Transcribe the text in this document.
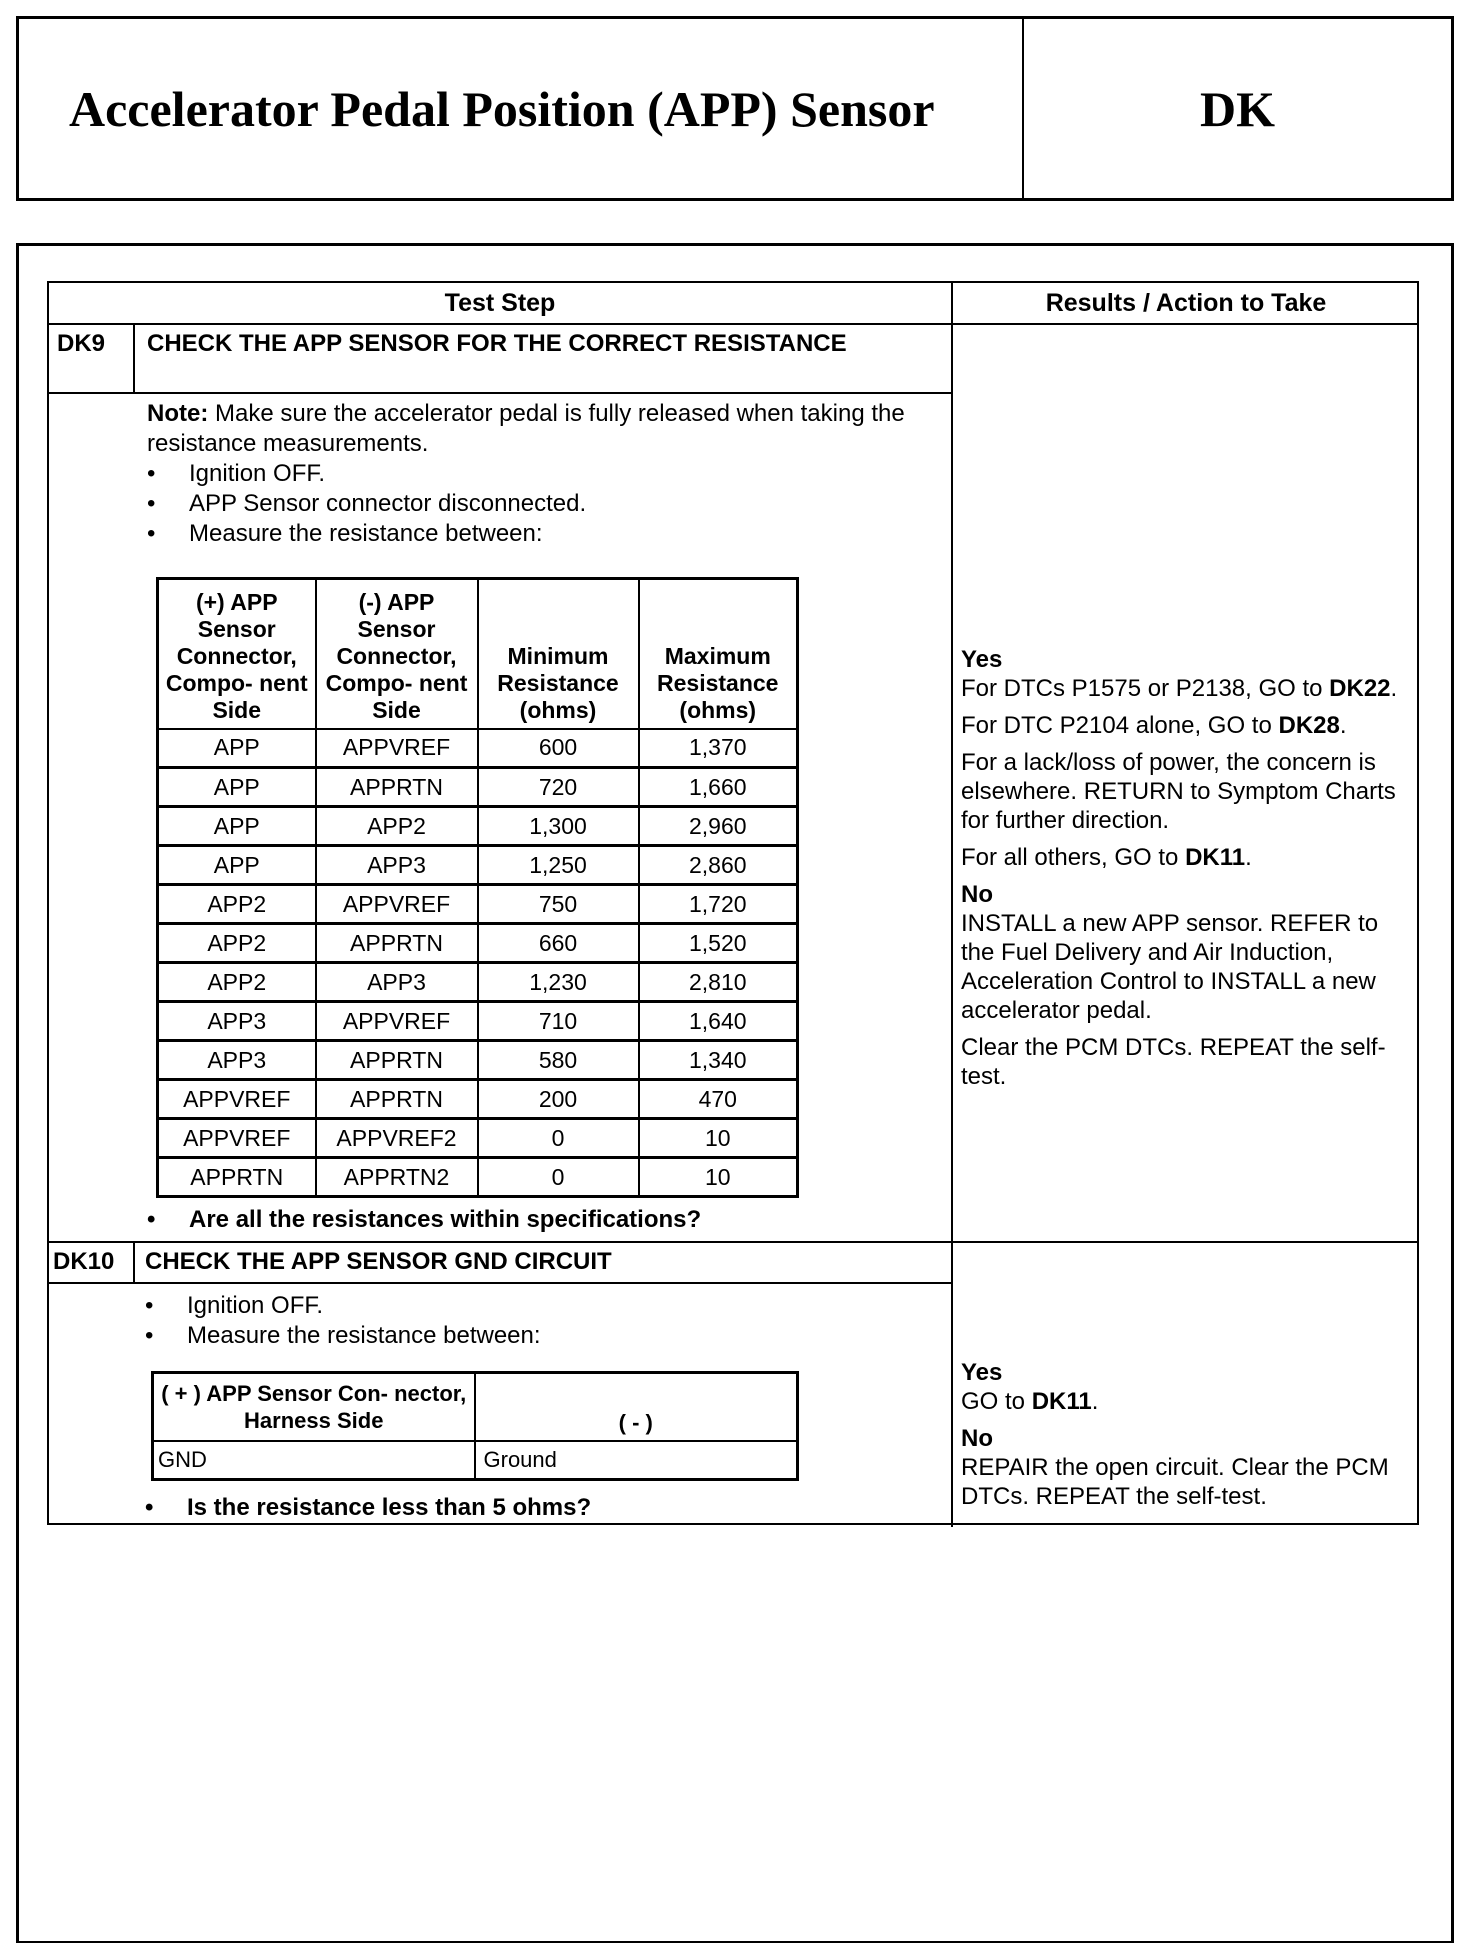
Accelerator Pedal Position (APP) Sensor	DK
Test Step	Results / Action to Take
DK9 CHECK THE APP SENSOR FOR THE CORRECT RESISTANCE
Note: Make sure the accelerator pedal is fully released when taking the resistance measurements.
• Ignition OFF.
• APP Sensor connector disconnected.
• Measure the resistance between:
(+) APP Sensor Connector, Compo- nent Side	(-) APP Sensor Connector, Compo- nent Side	Minimum Resistance (ohms)	Maximum Resistance (ohms)
APP	APPVREF	600	1,370
APP	APPRTN	720	1,660
APP	APP2	1,300	2,960
APP	APP3	1,250	2,860
APP2	APPVREF	750	1,720
APP2	APPRTN	660	1,520
APP2	APP3	1,230	2,810
APP3	APPVREF	710	1,640
APP3	APPRTN	580	1,340
APPVREF	APPRTN	200	470
APPVREF	APPVREF2	0	10
APPRTN	APPRTN2	0	10
• Are all the resistances within specifications?
Yes

For DTCs P1575 or P2138, GO to DK22.

For DTC P2104 alone, GO to DK28.

For a lack/loss of power, the concern is elsewhere. RETURN to Symptom Charts for further direction.

For all others, GO to DK11.

No

INSTALL a new APP sensor. REFER to the Fuel Delivery and Air Induction, Acceleration Control to INSTALL a new accelerator pedal.

Clear the PCM DTCs. REPEAT the self-test.

DK10 CHECK THE APP SENSOR GND CIRCUIT
• Ignition OFF.
• Measure the resistance between:
( + ) APP Sensor Con- nector, Harness Side	( - )
GND	Ground
• Is the resistance less than 5 ohms?
Yes

GO to DK11.

No

REPAIR the open circuit. Clear the PCM DTCs. REPEAT the self-test.
